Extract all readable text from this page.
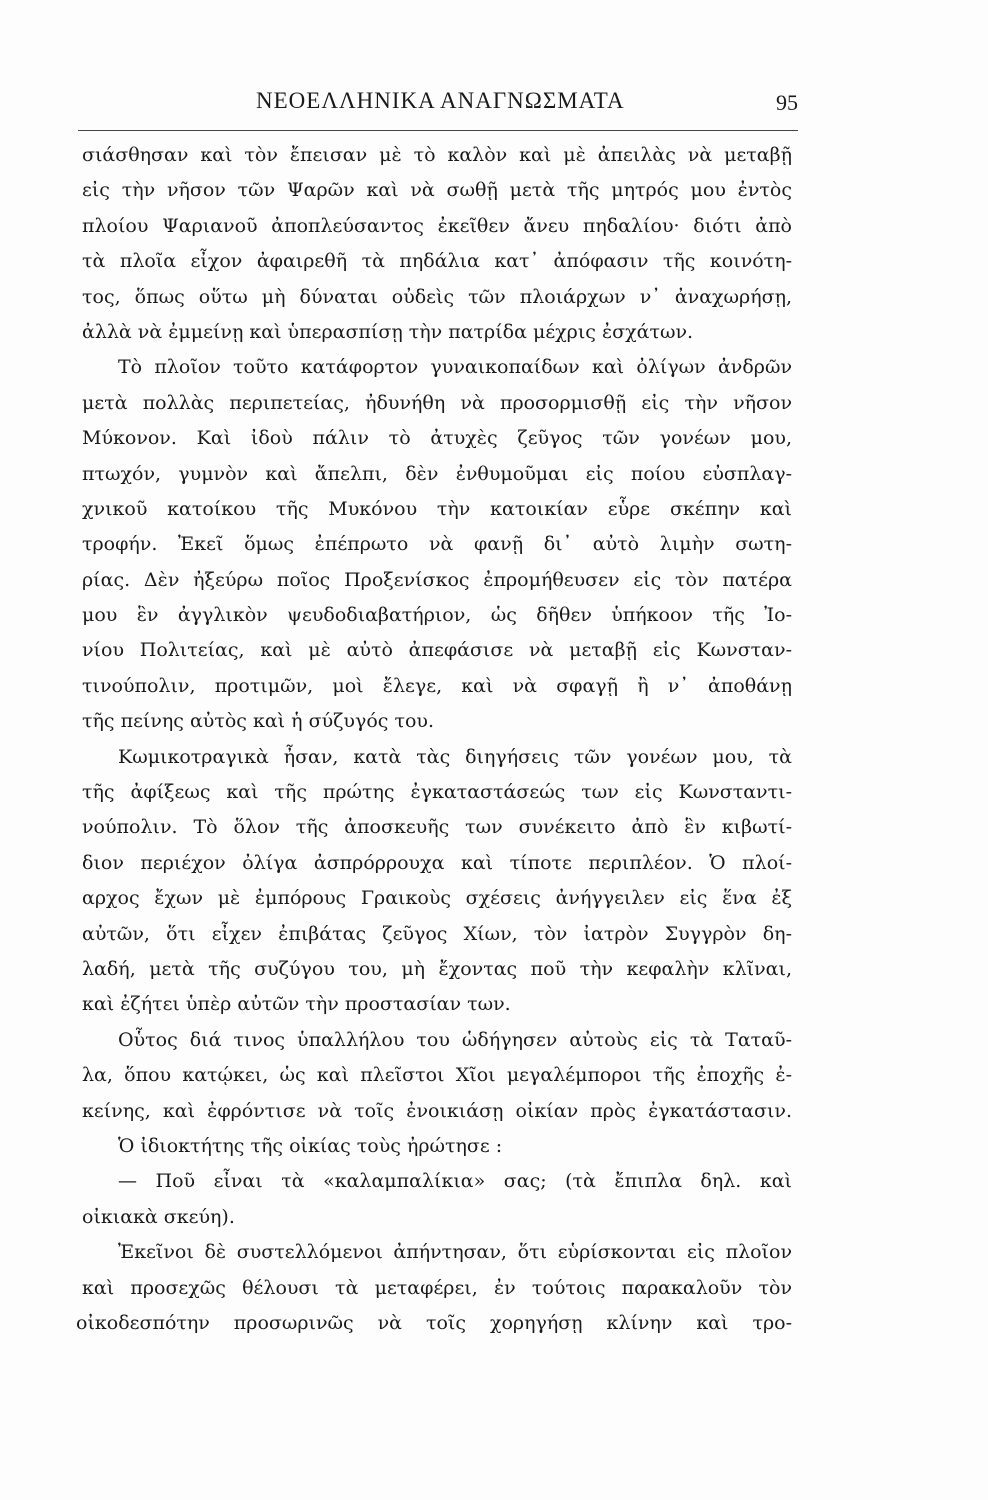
ΝΕΟΕΛΛΗΝΙΚΑ ΑΝΑΓΝΩΣΜΑΤΑ	95
σιάσθησαν καὶ τὸν ἔπεισαν μὲ τὸ καλὸν καὶ μὲ ἀπειλὰς νὰ μεταβῇ
εἰς τὴν νῆσον τῶν Ψαρῶν καὶ νὰ σωθῇ μετὰ τῆς μητρός μου ἐντὸς
πλοίου Ψαριανοῦ ἀποπλεύσαντος ἐκεῖθεν ἄνευ πηδαλίου· διότι ἀπὸ
τὰ πλοῖα εἶχον ἀφαιρεθῆ τὰ πηδάλια κατ᾿ ἀπόφασιν τῆς κοινότη-
τος, ὅπως οὕτω μὴ δύναται οὐδεὶς τῶν πλοιάρχων ν᾿ ἀναχωρήσῃ,
ἀλλὰ νὰ ἐμμείνῃ καὶ ὑπερασπίσῃ τὴν πατρίδα μέχρις ἐσχάτων.
Τὸ πλοῖον τοῦτο κατάφορτον γυναικοπαίδων καὶ ὀλίγων ἀνδρῶν
μετὰ πολλὰς περιπετείας, ἠδυνήθη νὰ προσορμισθῇ εἰς τὴν νῆσον
Μύκονον. Καὶ ἰδοὺ πάλιν τὸ ἀτυχὲς ζεῦγος τῶν γονέων μου,
πτωχόν, γυμνὸν καὶ ἄπελπι, δὲν ἐνθυμοῦμαι εἰς ποίου εὐσπλαγ-
χνικοῦ κατοίκου τῆς Μυκόνου τὴν κατοικίαν εὗρε σκέπην καὶ
τροφήν. Ἐκεῖ ὅμως ἐπέπρωτο νὰ φανῇ δι᾿ αὐτὸ λιμὴν σωτη-
ρίας. Δὲν ἠξεύρω ποῖος Προξενίσκος ἐπρομήθευσεν εἰς τὸν πατέρα
μου ἓν ἀγγλικὸν ψευδοδιαβατήριον, ὡς δῆθεν ὑπήκοον τῆς Ἰο-
νίου Πολιτείας, καὶ μὲ αὐτὸ ἀπεφάσισε νὰ μεταβῇ εἰς Κωνσταν-
τινούπολιν, προτιμῶν, μοὶ ἔλεγε, καὶ νὰ σφαγῇ ἢ ν᾿ ἀποθάνῃ
τῆς πείνης αὐτὸς καὶ ἡ σύζυγός του.
Κωμικοτραγικὰ ἦσαν, κατὰ τὰς διηγήσεις τῶν γονέων μου, τὰ
τῆς ἀφίξεως καὶ τῆς πρώτης ἐγκαταστάσεώς των εἰς Κωνσταντι-
νούπολιν. Τὸ ὅλον τῆς ἀποσκευῆς των συνέκειτο ἀπὸ ἓν κιβωτί-
διον περιέχον ὀλίγα ἀσπρόρρουχα καὶ τίποτε περιπλέον. Ὁ πλοί-
αρχος ἔχων μὲ ἐμπόρους Γραικοὺς σχέσεις ἀνήγγειλεν εἰς ἕνα ἐξ
αὐτῶν, ὅτι εἶχεν ἐπιβάτας ζεῦγος Χίων, τὸν ἰατρὸν Συγγρὸν δη-
λαδή, μετὰ τῆς συζύγου του, μὴ ἔχοντας ποῦ τὴν κεφαλὴν κλῖναι,
καὶ ἐζήτει ὑπὲρ αὐτῶν τὴν προστασίαν των.
Οὗτος διά τινος ὑπαλλήλου του ὡδήγησεν αὐτοὺς εἰς τὰ Ταταῦ-
λα, ὅπου κατῴκει, ὡς καὶ πλεῖστοι Χῖοι μεγαλέμποροι τῆς ἐποχῆς ἐ-
κείνης, καὶ ἐφρόντισε νὰ τοῖς ἐνοικιάσῃ οἰκίαν πρὸς ἐγκατάστασιν.
Ὁ ἰδιοκτήτης τῆς οἰκίας τοὺς ἠρώτησε :
— Ποῦ εἶναι τὰ «καλαμπαλίκια» σας; (τὰ ἔπιπλα δηλ. καὶ
οἰκιακὰ σκεύη).
Ἐκεῖνοι δὲ συστελλόμενοι ἀπήντησαν, ὅτι εὑρίσκονται εἰς πλοῖον
καὶ προσεχῶς θέλουσι τὰ μεταφέρει, ἐν τούτοις παρακαλοῦν τὸν
οἰκοδεσπότην προσωρινῶς νὰ τοῖς χορηγήσῃ κλίνην καὶ τρο-
